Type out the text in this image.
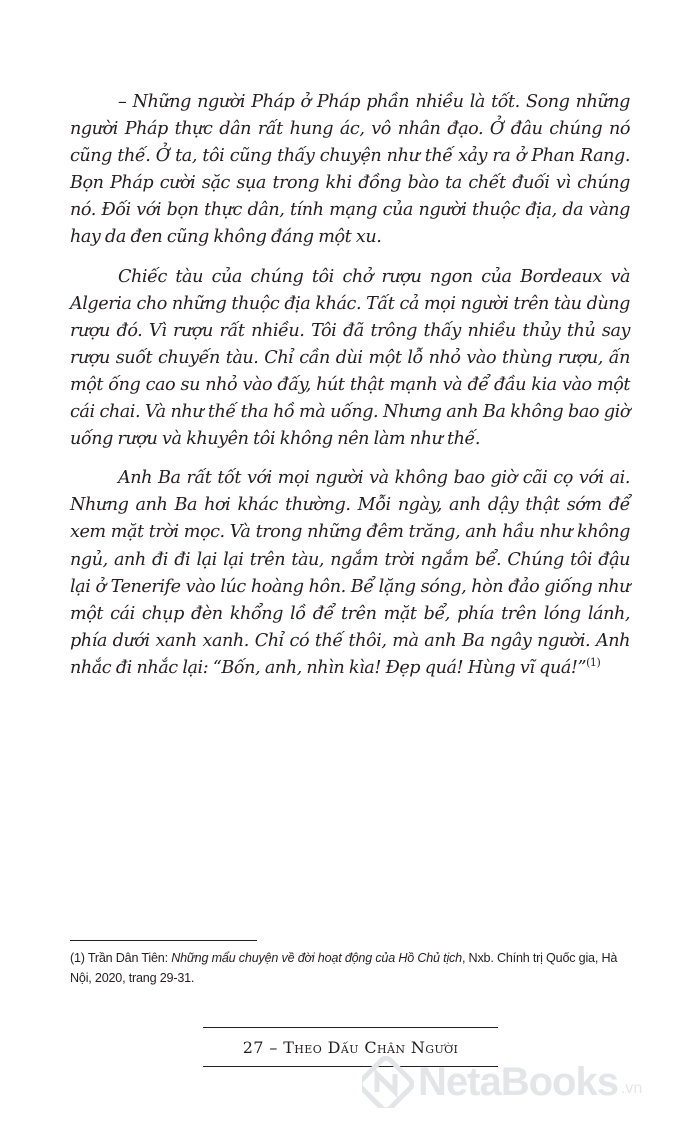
– Những người Pháp ở Pháp phần nhiều là tốt. Song những người Pháp thực dân rất hung ác, vô nhân đạo. Ở đâu chúng nó cũng thế. Ở ta, tôi cũng thấy chuyện như thế xảy ra ở Phan Rang. Bọn Pháp cười sặc sụa trong khi đồng bào ta chết đuối vì chúng nó. Đối với bọn thực dân, tính mạng của người thuộc địa, da vàng hay da đen cũng không đáng một xu.

Chiếc tàu của chúng tôi chở rượu ngon của Bordeaux và Algeria cho những thuộc địa khác. Tất cả mọi người trên tàu dùng rượu đó. Vì rượu rất nhiều. Tôi đã trông thấy nhiều thủy thủ say rượu suốt chuyến tàu. Chỉ cần dùi một lỗ nhỏ vào thùng rượu, ấn một ống cao su nhỏ vào đấy, hút thật mạnh và để đầu kia vào một cái chai. Và như thế tha hồ mà uống. Nhưng anh Ba không bao giờ uống rượu và khuyên tôi không nên làm như thế.

Anh Ba rất tốt với mọi người và không bao giờ cãi cọ với ai. Nhưng anh Ba hơi khác thường. Mỗi ngày, anh dậy thật sớm để xem mặt trời mọc. Và trong những đêm trăng, anh hầu như không ngủ, anh đi đi lại lại trên tàu, ngắm trời ngắm bể. Chúng tôi đậu lại ở Tenerife vào lúc hoàng hôn. Bể lặng sóng, hòn đảo giống như một cái chụp đèn khổng lồ để trên mặt bể, phía trên lóng lánh, phía dưới xanh xanh. Chỉ có thế thôi, mà anh Ba ngây người. Anh nhắc đi nhắc lại: “Bốn, anh, nhìn kìa! Đẹp quá! Hùng vĩ quá!”$^{(1)}$

(1) Trần Dân Tiên: Những mẩu chuyện về đời hoạt động của Hồ Chủ tịch, Nxb. Chính trị Quốc gia, Hà Nội, 2020, trang 29-31.
27 – Theo Dấu Chân Người
NetaBooks .vn
